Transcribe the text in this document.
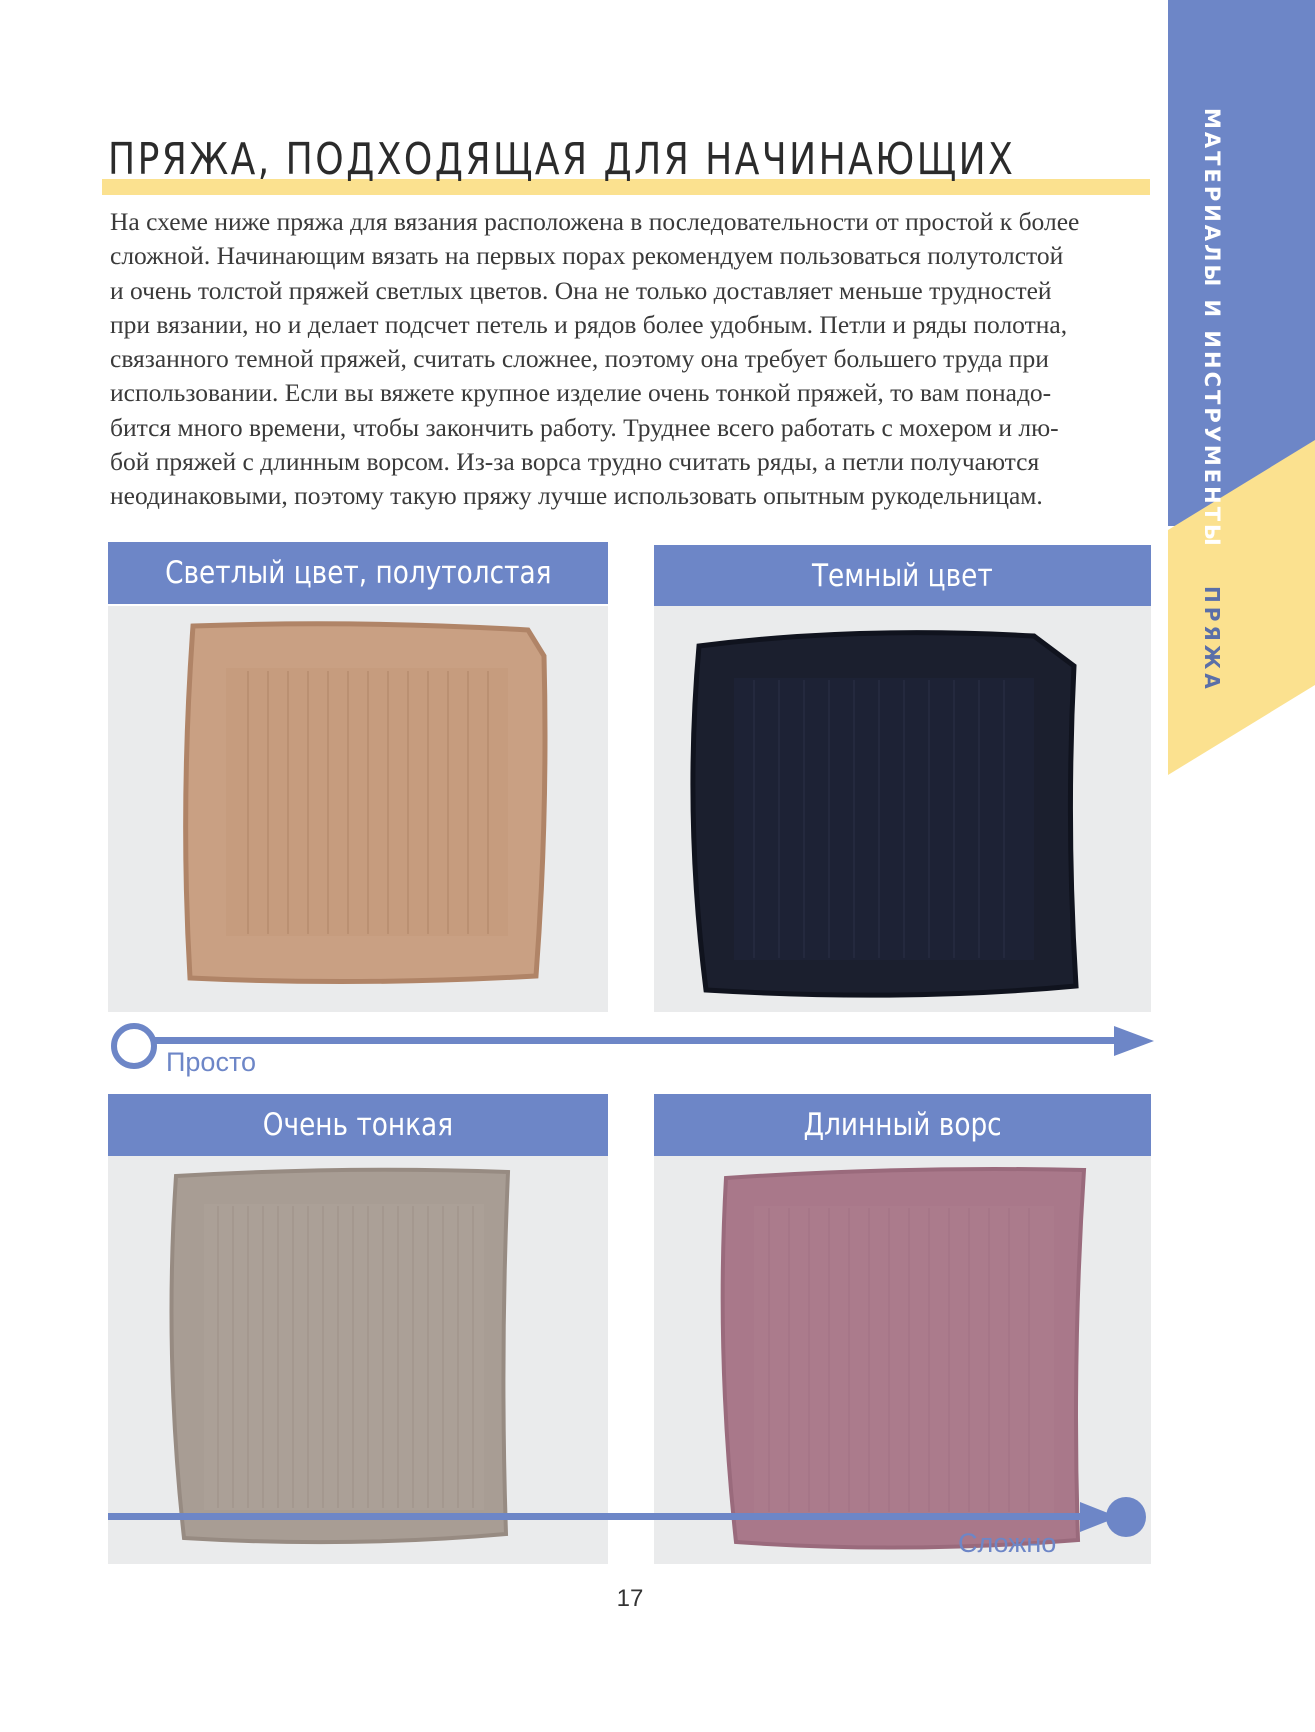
МАТЕРИАЛЫ И ИНСТРУМЕНТЫ
ПРЯЖА
ПРЯЖА, ПОДХОДЯЩАЯ ДЛЯ НАЧИНАЮЩИХ
На схеме ниже пряжа для вязания расположена в последовательности от простой к более
сложной. Начинающим вязать на первых порах рекомендуем пользоваться полутолстой
и очень толстой пряжей светлых цветов. Она не только доставляет меньше трудностей
при вязании, но и делает подсчет петель и рядов более удобным. Петли и ряды полотна,
связанного темной пряжей, считать сложнее, поэтому она требует большего труда при
использовании. Если вы вяжете крупное изделие очень тонкой пряжей, то вам понадо-
бится много времени, чтобы закончить работу. Труднее всего работать с мохером и лю-
бой пряжей с длинным ворсом. Из-за ворса трудно считать ряды, а петли получаются
неодинаковыми, поэтому такую пряжу лучше использовать опытным рукодельницам.
Светлый цвет, полутолстая	Темный цвет
Просто
Очень тонкая	Длинный ворс
Сложно
17
